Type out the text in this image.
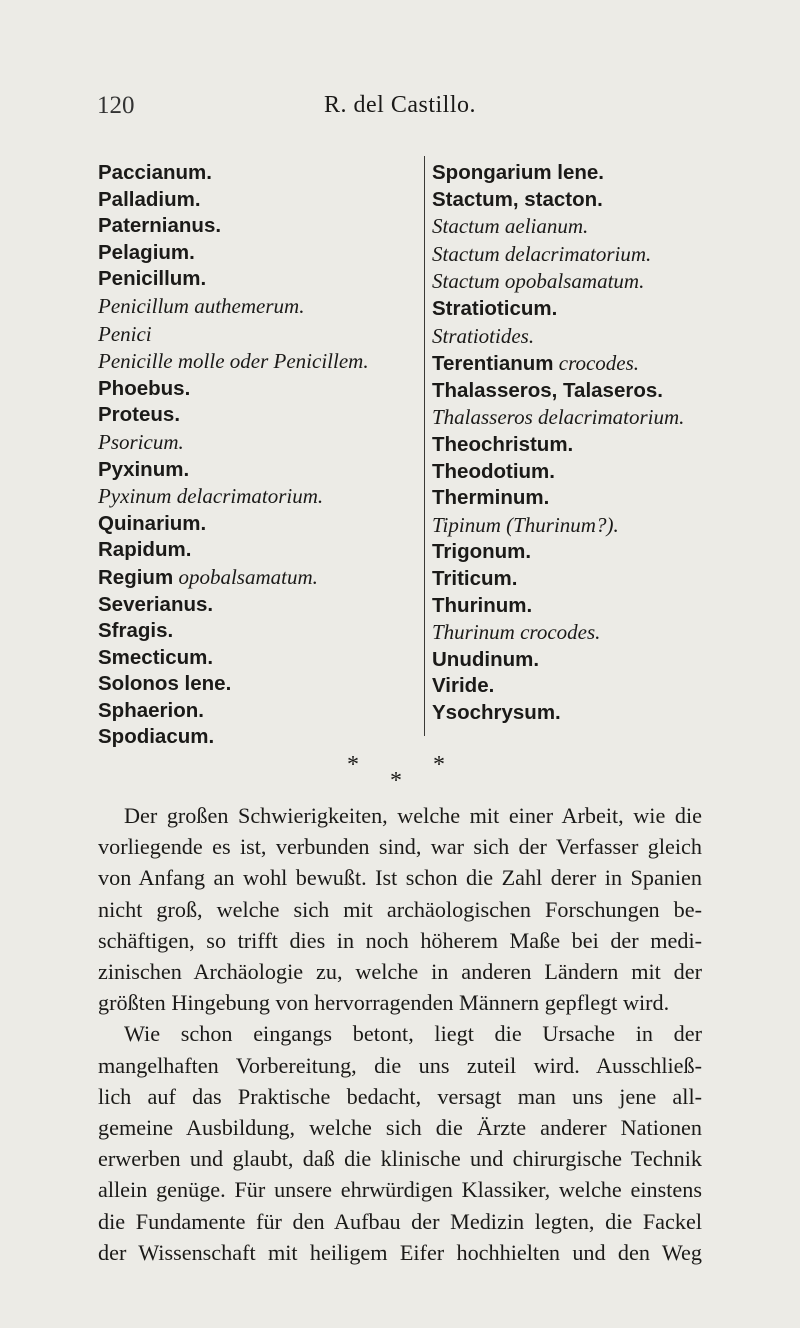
120	R. del Castillo.
Paccianum.
Palladium.
Paternianus.
Pelagium.
Penicillum.
Penicillum authemerum.
Penici
Penicille molle oder Penicillem.
Phoebus.
Proteus.
Psoricum.
Pyxinum.
Pyxinum delacrimatorium.
Quinarium.
Rapidum.
Regium opobalsamatum.
Severianus.
Sfragis.
Smecticum.
Solonos lene.
Sphaerion.
Spodiacum.
Spongarium lene.
Stactum, stacton.
Stactum aelianum.
Stactum delacrimatorium.
Stactum opobalsamatum.
Stratioticum.
Stratiotides.
Terentianum crocodes.
Thalasseros, Talaseros.
Thalasseros delacrimatorium.
Theochristum.
Theodotium.
Therminum.
Tipinum (Thurinum?).
Trigonum.
Triticum.
Thurinum.
Thurinum crocodes.
Unudinum.
Viride.
Ysochrysum.
*	*
*
Der großen Schwierigkeiten, welche mit einer Arbeit, wie die
vorliegende es ist, verbunden sind, war sich der Verfasser gleich
von Anfang an wohl bewußt. Ist schon die Zahl derer in Spanien
nicht groß, welche sich mit archäologischen Forschungen be-
schäftigen, so trifft dies in noch höherem Maße bei der medi-
zinischen Archäologie zu, welche in anderen Ländern mit der
größten Hingebung von hervorragenden Männern gepflegt wird.
Wie schon eingangs betont, liegt die Ursache in der
mangelhaften Vorbereitung, die uns zuteil wird. Ausschließ-
lich auf das Praktische bedacht, versagt man uns jene all-
gemeine Ausbildung, welche sich die Ärzte anderer Nationen
erwerben und glaubt, daß die klinische und chirurgische Technik
allein genüge. Für unsere ehrwürdigen Klassiker, welche einstens
die Fundamente für den Aufbau der Medizin legten, die Fackel
der Wissenschaft mit heiligem Eifer hochhielten und den Weg
